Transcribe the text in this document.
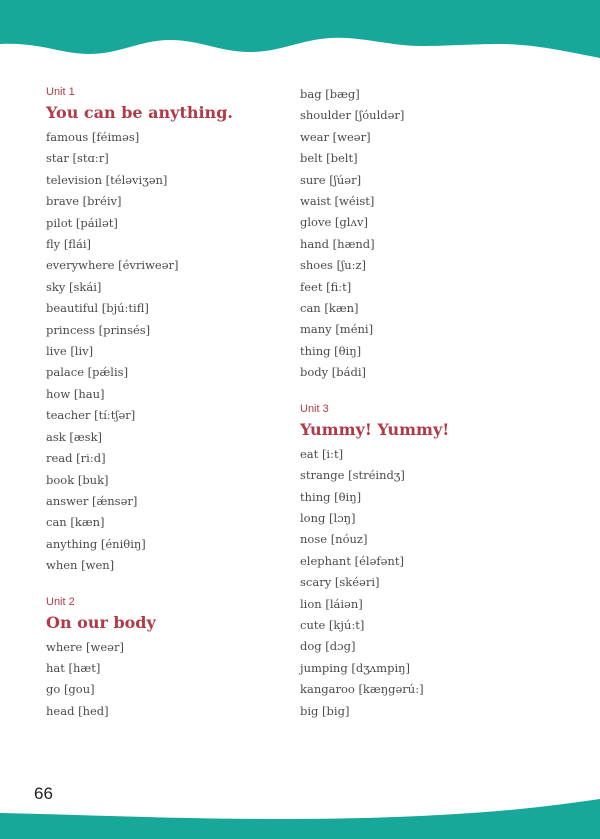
Unit 1
You can be anything.
famous [féiməs]
star [stɑːr]
television [téləviʒən]
brave [bréiv]
pilot [páilət]
fly [flái]
everywhere [évriweər]
sky [skái]
beautiful [bjúːtifl]
princess [prinsés]
live [liv]
palace [pǽlis]
how [hau]
teacher [tíːtʃər]
ask [æsk]
read [riːd]
book [buk]
answer [ǽnsər]
can [kæn]
anything [éniθiŋ]
when [wen]
Unit 2
On our body
where [weər]
hat [hæt]
go [gou]
head [hed]
bag [bæg]
shoulder [ʃóuldər]
wear [weər]
belt [belt]
sure [ʃúər]
waist [wéist]
glove [glʌv]
hand [hænd]
shoes [ʃuːz]
feet [fiːt]
can [kæn]
many [méni]
thing [θiŋ]
body [bádi]
Unit 3
Yummy! Yummy!
eat [iːt]
strange [stréindʒ]
thing [θiŋ]
long [lɔŋ]
nose [nóuz]
elephant [éləfənt]
scary [skéəri]
lion [láiən]
cute [kjúːt]
dog [dɔg]
jumping [dʒʌmpiŋ]
kangaroo [kæŋgərúː]
big [big]
66
